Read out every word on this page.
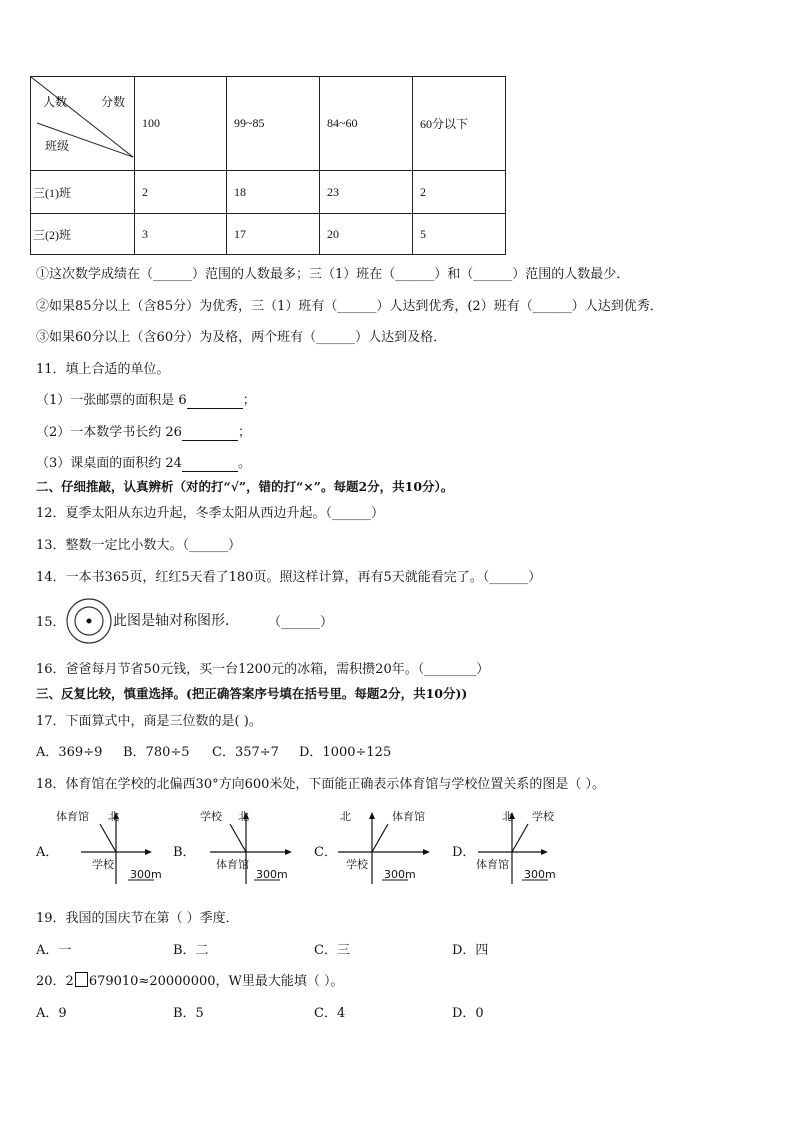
人数 分数
班级	100	99~85	84~60	60分以下
三(1)班	2	18	23	2
三(2)班	3	17	20	5
①这次数学成绩在（______）范围的人数最多；三（1）班在（______）和（______）范围的人数最少．
②如果85分以上（含85分）为优秀，三（1）班有（______）人达到优秀，(2）班有（______）人达到优秀．
③如果60分以上（含60分）为及格，两个班有（______）人达到及格．
11．填上合适的单位。
（1）一张邮票的面积是 6	；
（2）一本数学书长约 26	；
（3）课桌面的面积约 24	。
二、仔细推敲，认真辨析（对的打“√”，错的打“×”。每题2分，共10分）。
12．夏季太阳从东边升起，冬季太阳从西边升起。（______）
13．整数一定比小数大。（______）
14．一本书365页，红红5天看了180页。照这样计算，再有5天就能看完了。（______）
15．	此图是轴对称图形． （______）
16．爸爸每月节省50元钱，买一台1200元的冰箱，需积攒20年。（________）
三、反复比较，慎重选择。(把正确答案序号填在括号里。每题2分，共10分))
17．下面算式中，商是三位数的是( )。
A．369÷9 B．780÷5 C．357÷7 D．1000÷125
18．体育馆在学校的北偏西30°方向600米处，下面能正确表示体育馆与学校位置关系的图是（ ）。
A．	B．	C．	D．
体育馆 北
学校
300m
学校 北
体育馆
300m
北	体育馆
学校
300m
北 学校
体育馆
300m
19．我国的国庆节在第（ ）季度．
A．一	B．二	C．三	D．四
20．2 679010≈20000000，W里最大能填（ ）。
A．9	B．5	C．4	D．0
